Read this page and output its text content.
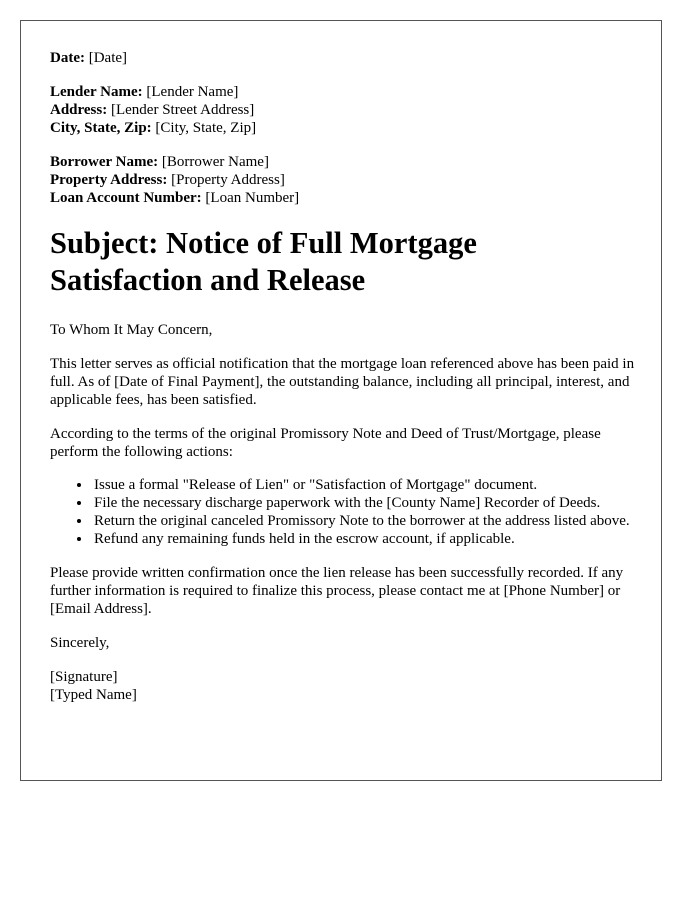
Date: [Date]
Lender Name: [Lender Name]
Address: [Lender Street Address]
City, State, Zip: [City, State, Zip]
Borrower Name: [Borrower Name]
Property Address: [Property Address]
Loan Account Number: [Loan Number]
Subject: Notice of Full Mortgage Satisfaction and Release

To Whom It May Concern,

This letter serves as official notification that the mortgage loan referenced above has been paid in full. As of [Date of Final Payment], the outstanding balance, including all principal, interest, and applicable fees, has been satisfied.

According to the terms of the original Promissory Note and Deed of Trust/Mortgage, please perform the following actions:

• Issue a formal "Release of Lien" or "Satisfaction of Mortgage" document.
• File the necessary discharge paperwork with the [County Name] Recorder of Deeds.
• Return the original canceled Promissory Note to the borrower at the address listed above.
• Refund any remaining funds held in the escrow account, if applicable.

Please provide written confirmation once the lien release has been successfully recorded. If any further information is required to finalize this process, please contact me at [Phone Number] or [Email Address].

Sincerely,

[Signature]
[Typed Name]
